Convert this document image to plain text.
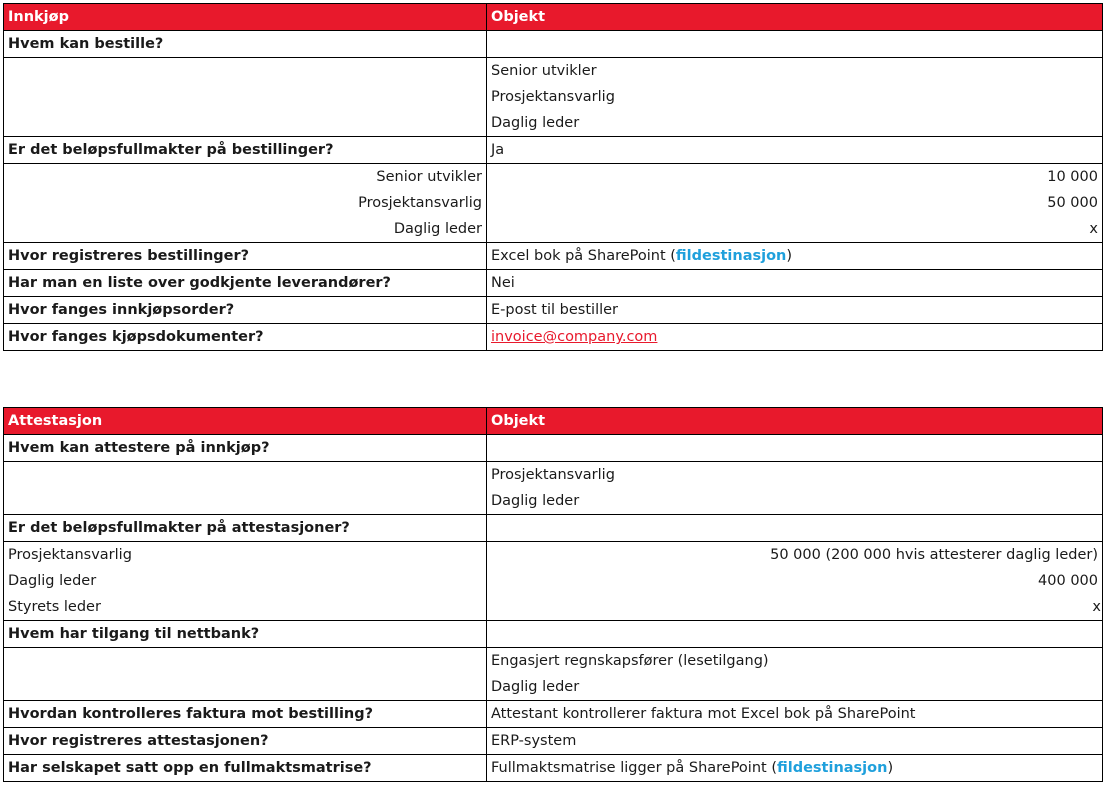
Innkjøp	Objekt
Hvem kan bestille?	
	Senior utvikler
	Prosjektansvarlig
	Daglig leder
Er det beløpsfullmakter på bestillinger?	Ja
Senior utvikler	10 000
Prosjektansvarlig	50 000
Daglig leder	x
Hvor registreres bestillinger?	Excel bok på SharePoint (fildestinasjon)
Har man en liste over godkjente leverandører?	Nei
Hvor fanges innkjøpsorder?	E-post til bestiller
Hvor fanges kjøpsdokumenter?	invoice@company.com
Attestasjon	Objekt
Hvem kan attestere på innkjøp?	
	Prosjektansvarlig
	Daglig leder
Er det beløpsfullmakter på attestasjoner?	
Prosjektansvarlig	50 000 (200 000 hvis attesterer daglig leder)
Daglig leder	400 000
Styrets leder	x
Hvem har tilgang til nettbank?	
	Engasjert regnskapsfører (lesetilgang)
	Daglig leder
Hvordan kontrolleres faktura mot bestilling?	Attestant kontrollerer faktura mot Excel bok på SharePoint
Hvor registreres attestasjonen?	ERP-system
Har selskapet satt opp en fullmaktsmatrise?	Fullmaktsmatrise ligger på SharePoint (fildestinasjon)
